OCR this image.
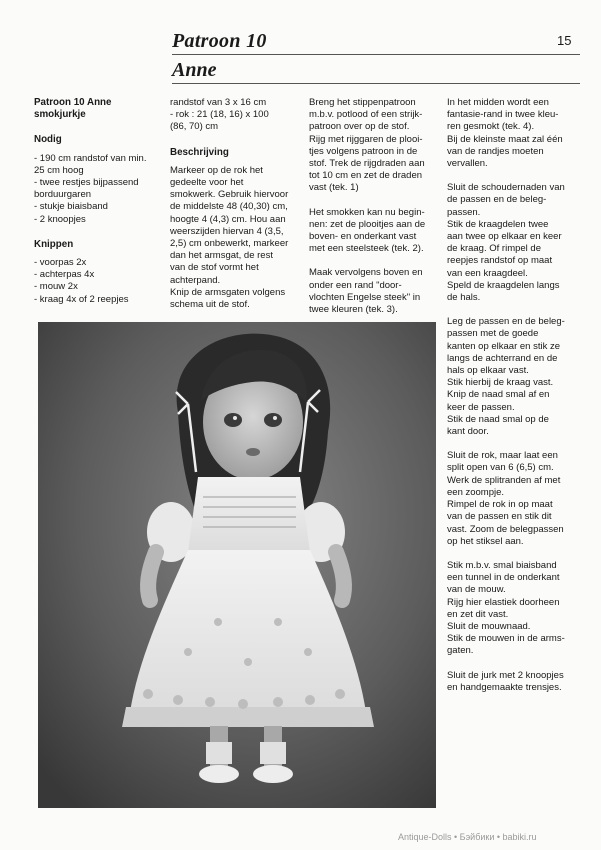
Patroon 10

Anne

15

Patroon 10 Anne
smokjurkje

Nodig

- 190 cm randstof van min.
25 cm hoog
- twee restjes bijpassend
borduurgaren
- stukje biaisband
- 2 knoopjes

Knippen

- voorpas 2x
- achterpas 4x
- mouw 2x
- kraag 4x of 2 reepjes

randstof van 3 x 16 cm
- rok : 21 (18, 16) x 100
(86, 70) cm

Beschrijving

Markeer op de rok het
gedeelte voor het
smokwerk. Gebruik hiervoor
de middelste 48 (40,30) cm,
hoogte 4 (4,3) cm. Hou aan
weerszijden hiervan 4 (3,5,
2,5) cm onbewerkt, markeer
dan het armsgat, de rest
van de stof vormt het
achterpand.
Knip de armsgaten volgens
schema uit de stof.

Breng het stippenpatroon
m.b.v. potlood of een strijk-
patroon over op de stof.
Rijg met rijggaren de plooi-
tjes volgens patroon in de
stof. Trek de rijgdraden aan
tot 10 cm en zet de draden
vast (tek. 1)

Het smokken kan nu begin-
nen: zet de plooitjes aan de
boven- en onderkant vast
met een steelsteek (tek. 2).

Maak vervolgens boven en
onder een rand "door-
vlochten Engelse steek" in
twee kleuren (tek. 3).

In het midden wordt een
fantasie-rand in twee kleu-
ren gesmokt (tek. 4).
Bij de kleinste maat zal één
van de randjes moeten
vervallen.

Sluit de schoudernaden van
de passen en de beleg-
passen.
Stik de kraagdelen twee
aan twee op elkaar en keer
de kraag. Of rimpel de
reepjes randstof op maat
van een kraagdeel.
Speld de kraagdelen langs
de hals.

Leg de passen en de beleg-
passen met de goede
kanten op elkaar en stik ze
langs de achterrand en de
hals op elkaar vast.
Stik hierbij de kraag vast.
Knip de naad smal af en
keer de passen.
Stik de naad smal op de
kant door.

Sluit de rok, maar laat een
split open van 6 (6,5) cm.
Werk de splitranden af met
een zoompje.
Rimpel de rok in op maat
van de passen en stik dit
vast. Zoom de belegpassen
op het stiksel aan.

Stik m.b.v. smal biaisband
een tunnel in de onderkant
van de mouw.
Rijg hier elastiek doorheen
en zet dit vast.
Sluit de mouwnaad.
Stik de mouwen in de arms-
gaten.

Sluit de jurk met 2 knoopjes
en handgemaakte trensjes.

Antique-Dolls • Бэйбики • babiki.ru
